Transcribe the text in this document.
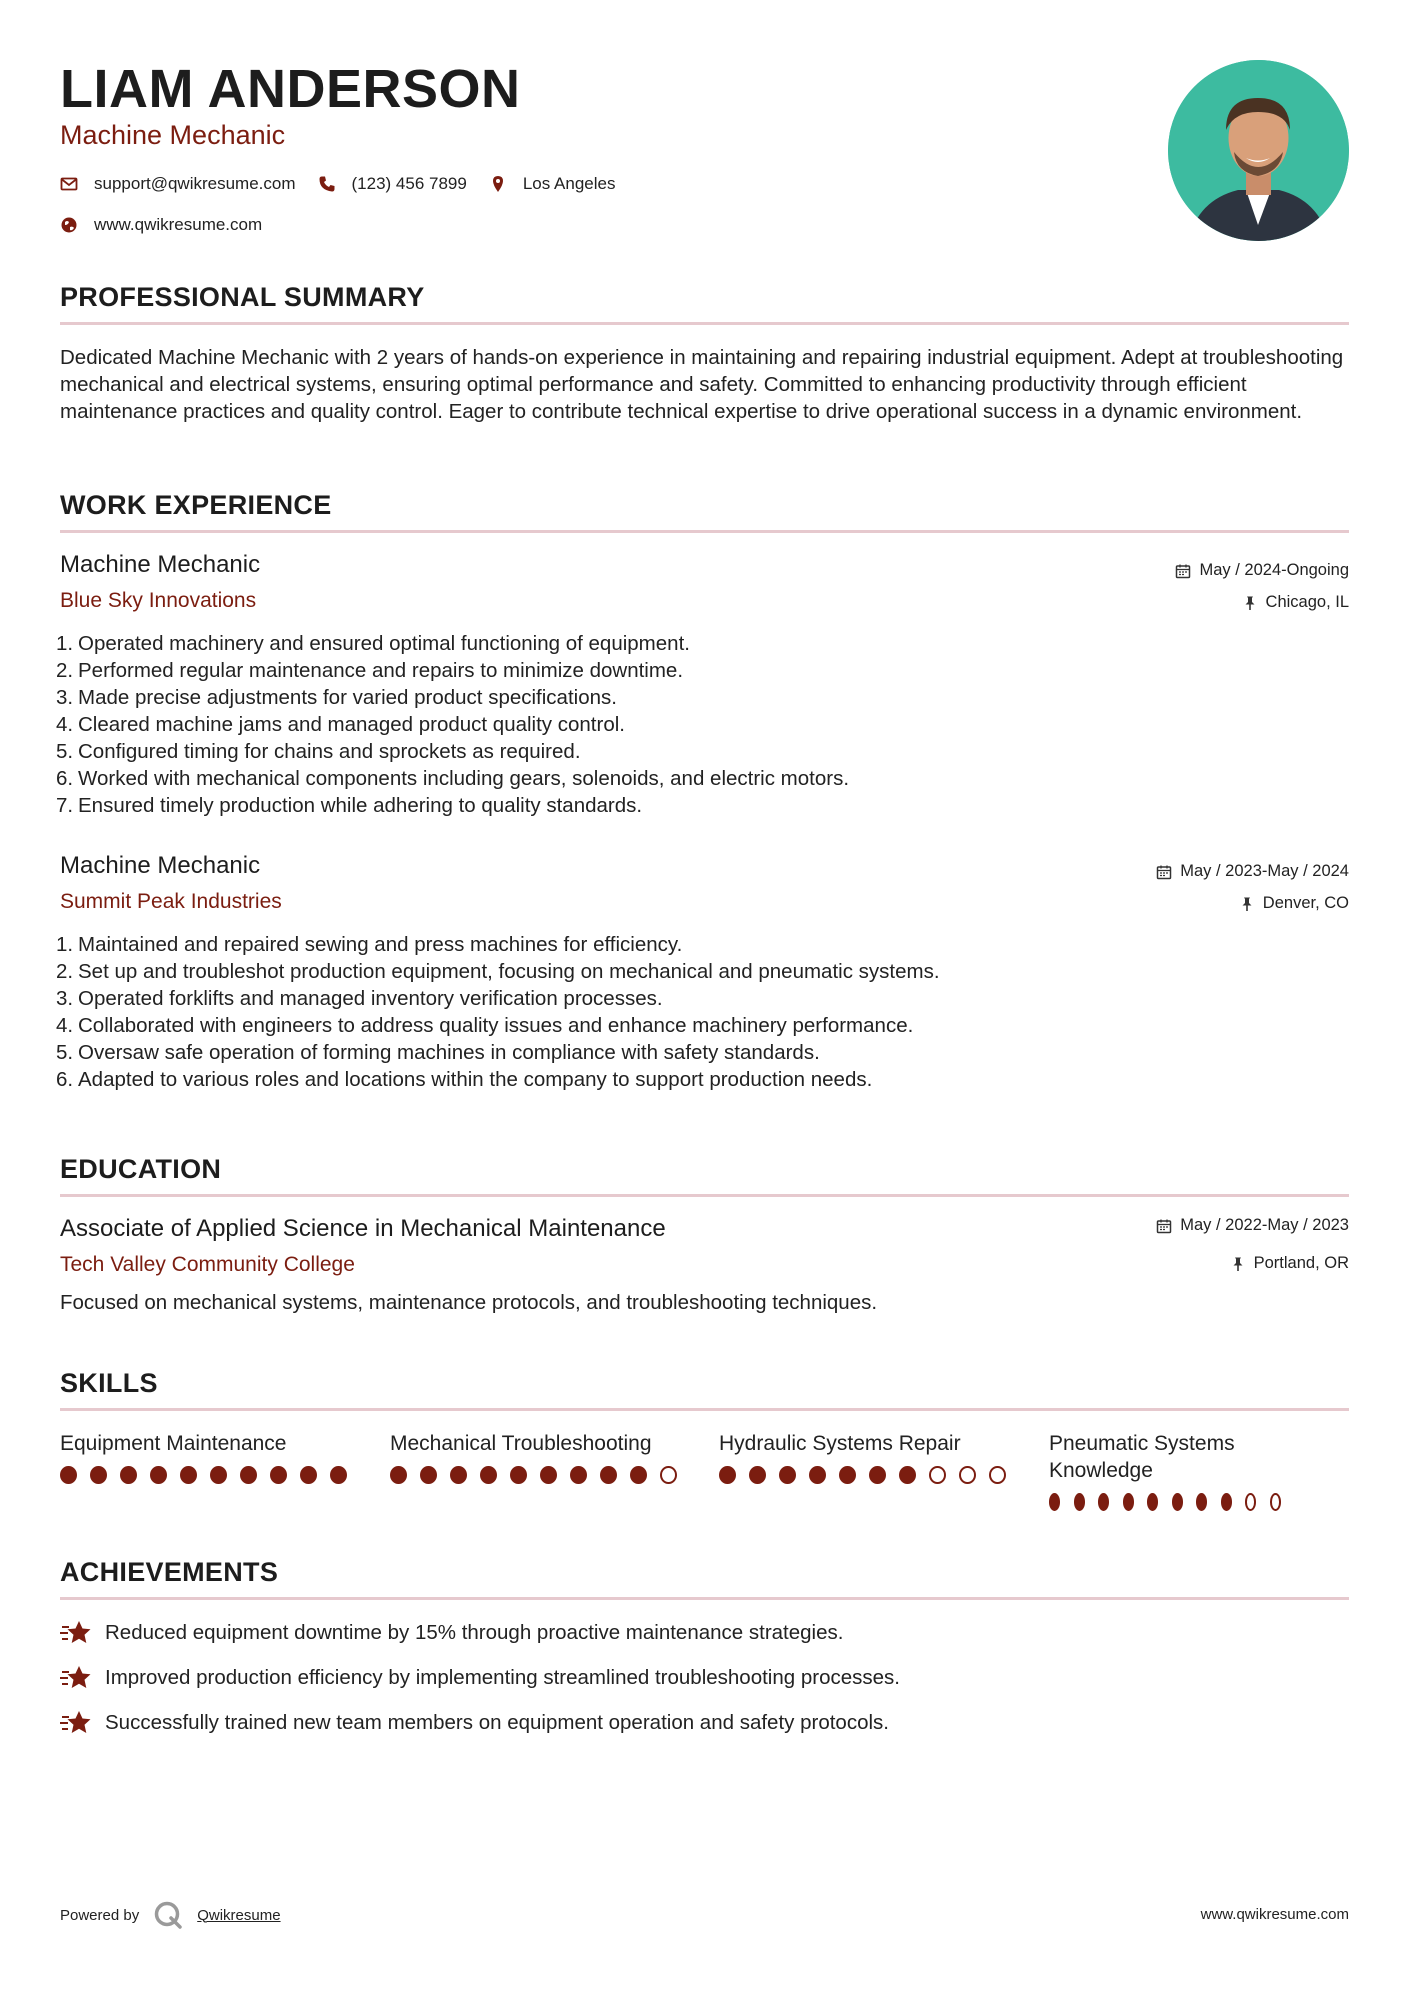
LIAM ANDERSON
Machine Mechanic
support@qwikresume.com	(123) 456 7899	Los Angeles
www.qwikresume.com
PROFESSIONAL SUMMARY
Dedicated Machine Mechanic with 2 years of hands-on experience in maintaining and repairing industrial equipment. Adept at troubleshooting mechanical and electrical systems, ensuring optimal performance and safety. Committed to enhancing productivity through efficient maintenance practices and quality control. Eager to contribute technical expertise to drive operational success in a dynamic environment.
WORK EXPERIENCE
Machine Mechanic
Blue Sky Innovations
May / 2024-Ongoing
Chicago, IL
1. Operated machinery and ensured optimal functioning of equipment.
2. Performed regular maintenance and repairs to minimize downtime.
3. Made precise adjustments for varied product specifications.
4. Cleared machine jams and managed product quality control.
5. Configured timing for chains and sprockets as required.
6. Worked with mechanical components including gears, solenoids, and electric motors.
7. Ensured timely production while adhering to quality standards.
Machine Mechanic
Summit Peak Industries
May / 2023-May / 2024
Denver, CO
1. Maintained and repaired sewing and press machines for efficiency.
2. Set up and troubleshot production equipment, focusing on mechanical and pneumatic systems.
3. Operated forklifts and managed inventory verification processes.
4. Collaborated with engineers to address quality issues and enhance machinery performance.
5. Oversaw safe operation of forming machines in compliance with safety standards.
6. Adapted to various roles and locations within the company to support production needs.
EDUCATION
Associate of Applied Science in Mechanical Maintenance
Tech Valley Community College
May / 2022-May / 2023
Portland, OR
Focused on mechanical systems, maintenance protocols, and troubleshooting techniques.
SKILLS
Equipment Maintenance	Mechanical Troubleshooting	Hydraulic Systems Repair	Pneumatic Systems Knowledge
ACHIEVEMENTS
Reduced equipment downtime by 15% through proactive maintenance strategies.
Improved production efficiency by implementing streamlined troubleshooting processes.
Successfully trained new team members on equipment operation and safety protocols.
Powered by	Qwikresume	www.qwikresume.com
